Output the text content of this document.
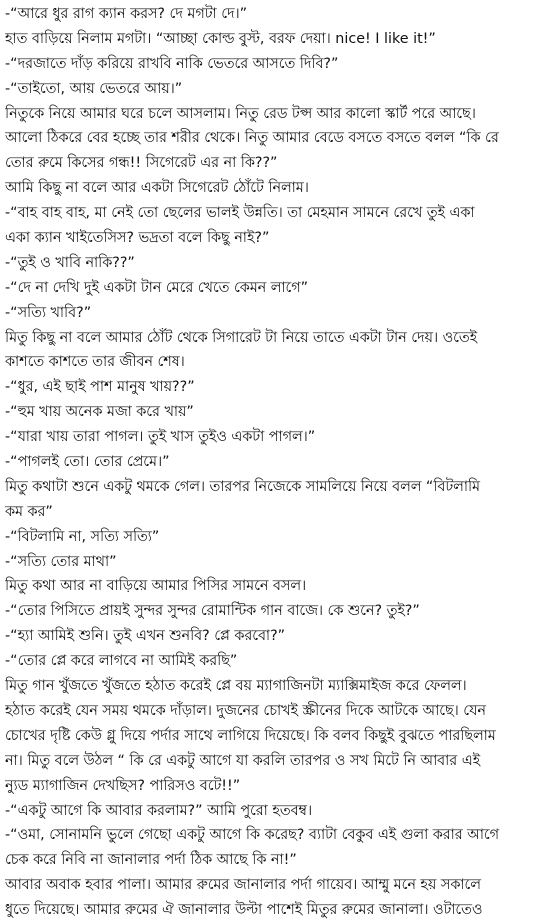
-“আরে ধুর রাগ ক্যান করস? দে মগটা দে।”
হাত বাড়িয়ে নিলাম মগটা। “আচ্ছা কোল্ড বুস্ট, বরফ দেয়া। nice! I like it!”
-“দরজাতে দাঁড় করিয়ে রাখবি নাকি ভেতরে আসতে দিবি?”
-“তাইতো, আয় ভেতরে আয়।”
নিতুকে নিয়ে আমার ঘরে চলে আসলাম। নিতু রেড টপ্স আর কালো স্কার্ট পরে আছে।
আলো ঠিকরে বের হচ্ছে তার শরীর থেকে। নিতু আমার বেডে বসতে বসতে বলল “কি রে
তোর রুমে কিসের গন্ধ!! সিগেরেট এর না কি??”
আমি কিছু না বলে আর একটা সিগেরেট ঠোঁটে নিলাম।
-“বাহ বাহ বাহ, মা নেই তো ছেলের ভালই উন্নতি। তা মেহমান সামনে রেখে তুই একা
একা ক্যান খাইতেসিস? ভদ্রতা বলে কিছু নাই?”
-“তুই ও খাবি নাকি??”
-“দে না দেখি দুই একটা টান মেরে খেতে কেমন লাগে”
-“সত্যি খাবি?”
মিতু কিছু না বলে আমার ঠোঁট থেকে সিগারেট টা নিয়ে তাতে একটা টান দেয়। ওতেই
কাশতে কাশতে তার জীবন শেষ।
-“ধুর, এই ছাই পাশ মানুষ খায়??”
-“হুম খায় অনেক মজা করে খায়”
-“যারা খায় তারা পাগল। তুই খাস তুইও একটা পাগল।”
-“পাগলই তো। তোর প্রেমে।”
মিতু কথাটা শুনে একটু থমকে গেল। তারপর নিজেকে সামলিয়ে নিয়ে বলল “বিটলামি
কম কর”
-“বিটলামি না, সত্যি সত্যি”
-“সত্যি তোর মাথা”
মিতু কথা আর না বাড়িয়ে আমার পিসির সামনে বসল।
-“তোর পিসিতে প্রায়ই সুন্দর সুন্দর রোমান্টিক গান বাজে। কে শুনে? তুই?”
-“হ্যা আমিই শুনি। তুই এখন শুনবি? প্লে করবো?”
-“তোর প্লে করে লাগবে না আমিই করছি”
মিতু গান খুঁজতে খুঁজতে হঠাত করেই প্লে বয় ম্যাগাজিনটা ম্যাক্সিমাইজ করে ফেলল।
হঠাত করেই যেন সময় থমকে দাঁড়াল। দুজনের চোখই স্ক্রীনের দিকে আটকে আছে। যেন
চোখের দৃষ্টি কেউ গ্লু দিয়ে পর্দার সাথে লাগিয়ে দিয়েছে। কি বলব কিছুই বুঝতে পারছিলাম
না। মিতু বলে উঠল “ কি রে একটু আগে যা করলি তারপর ও সখ মিটে নি আবার এই
ন্যুড ম্যাগাজিন দেখছিস? পারিসও বটে!!”
-“একটু আগে কি আবার করলাম?” আমি পুরো হতবম্ব।
-“ওমা, সোনামনি ভুলে গেছো একটু আগে কি করেছ? ব্যাটা বেকুব এই গুলা করার আগে
চেক করে নিবি না জানালার পর্দা ঠিক আছে কি না!”
আবার অবাক হবার পালা। আমার রুমের জানালার পর্দা গায়েব। আম্মু মনে হয় সকালে
ধুতে দিয়েছে। আমার রুমের ঐ জানালার উল্টা পাশেই মিতুর রুমের জানালা। ওটাতেও
